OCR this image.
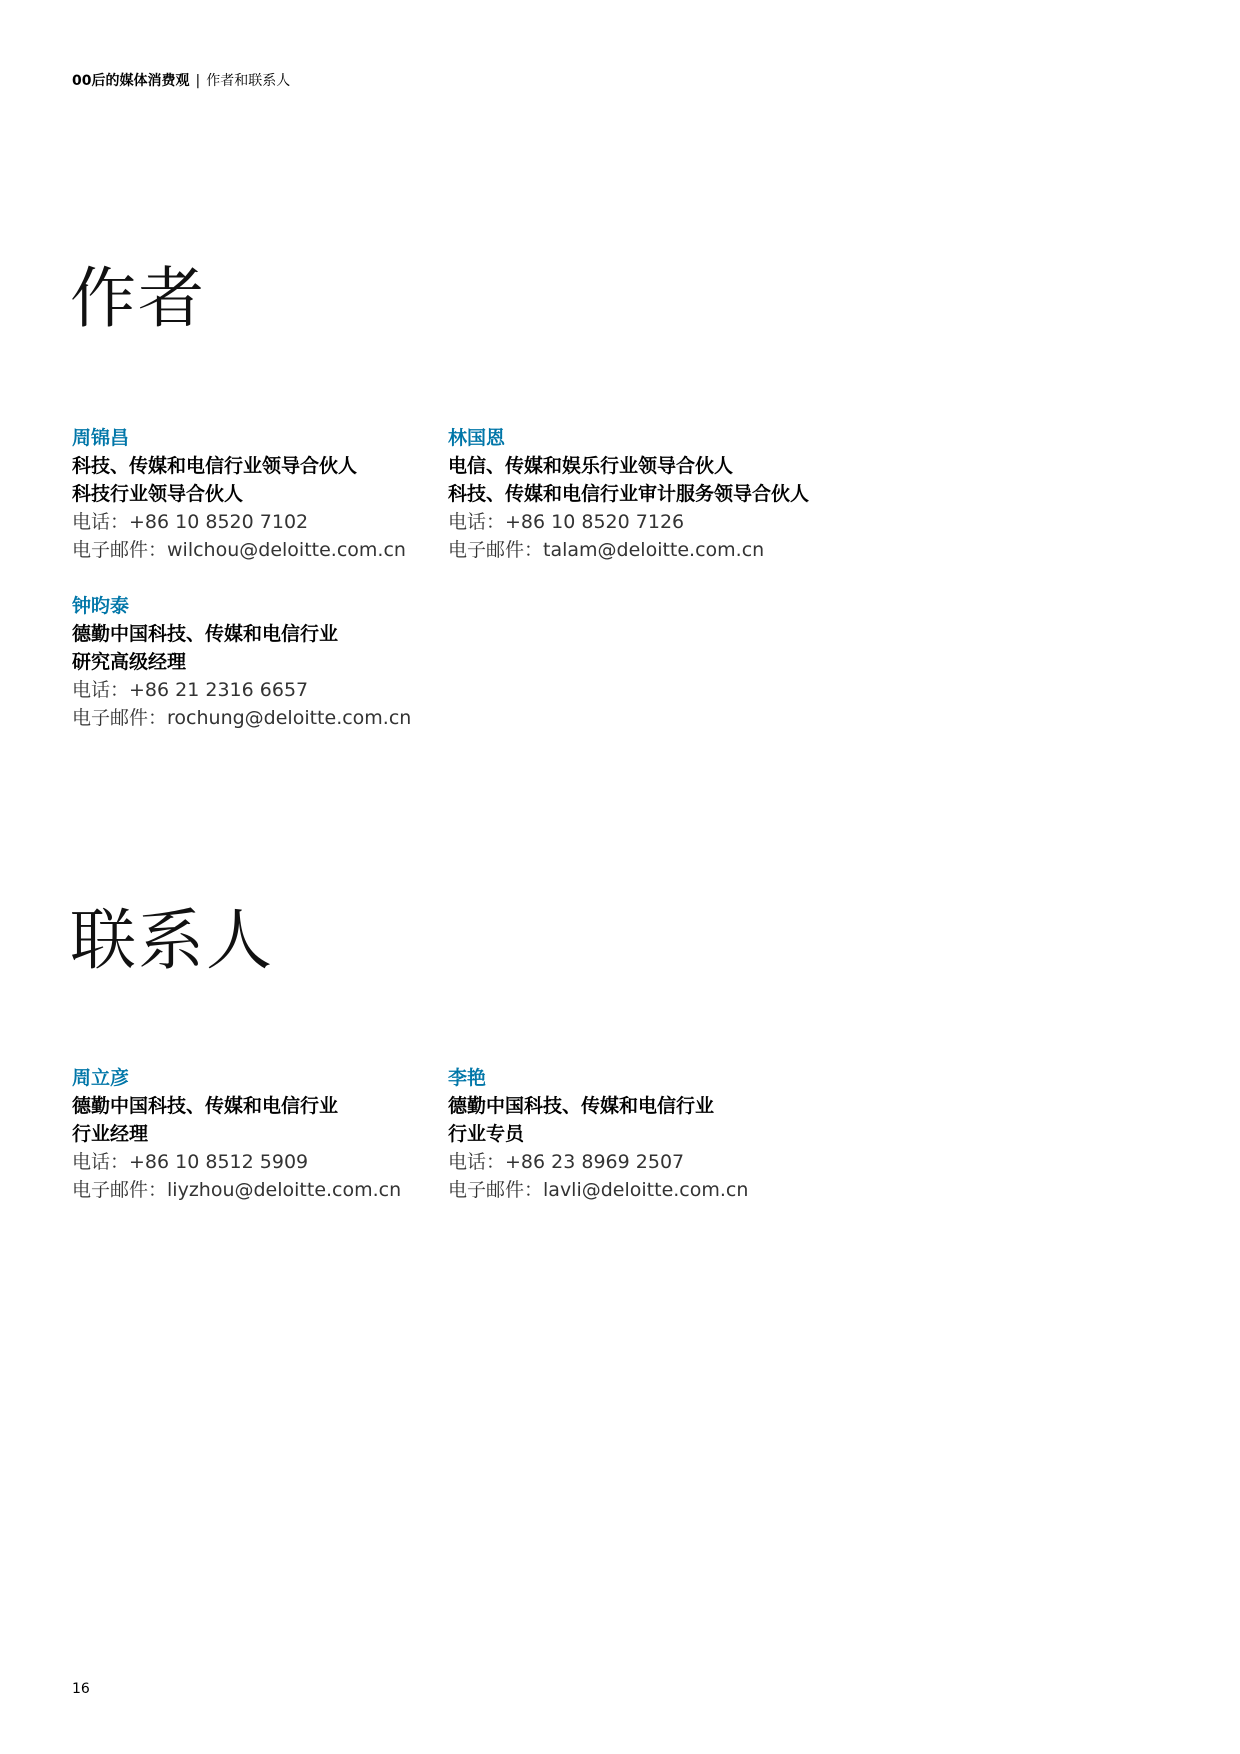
00后的媒体消费观 | 作者和联系人
作者
周锦昌
科技、传媒和电信行业领导合伙人
科技行业领导合伙人
电话：+86 10 8520 7102
电子邮件：wilchou@deloitte.com.cn
林国恩
电信、传媒和娱乐行业领导合伙人
科技、传媒和电信行业审计服务领导合伙人
电话：+86 10 8520 7126
电子邮件：talam@deloitte.com.cn
钟昀泰
德勤中国科技、传媒和电信行业
研究高级经理
电话：+86 21 2316 6657
电子邮件：rochung@deloitte.com.cn
联系人
周立彦
德勤中国科技、传媒和电信行业
行业经理
电话：+86 10 8512 5909
电子邮件：liyzhou@deloitte.com.cn
李艳
德勤中国科技、传媒和电信行业
行业专员
电话：+86 23 8969 2507
电子邮件：lavli@deloitte.com.cn
16
